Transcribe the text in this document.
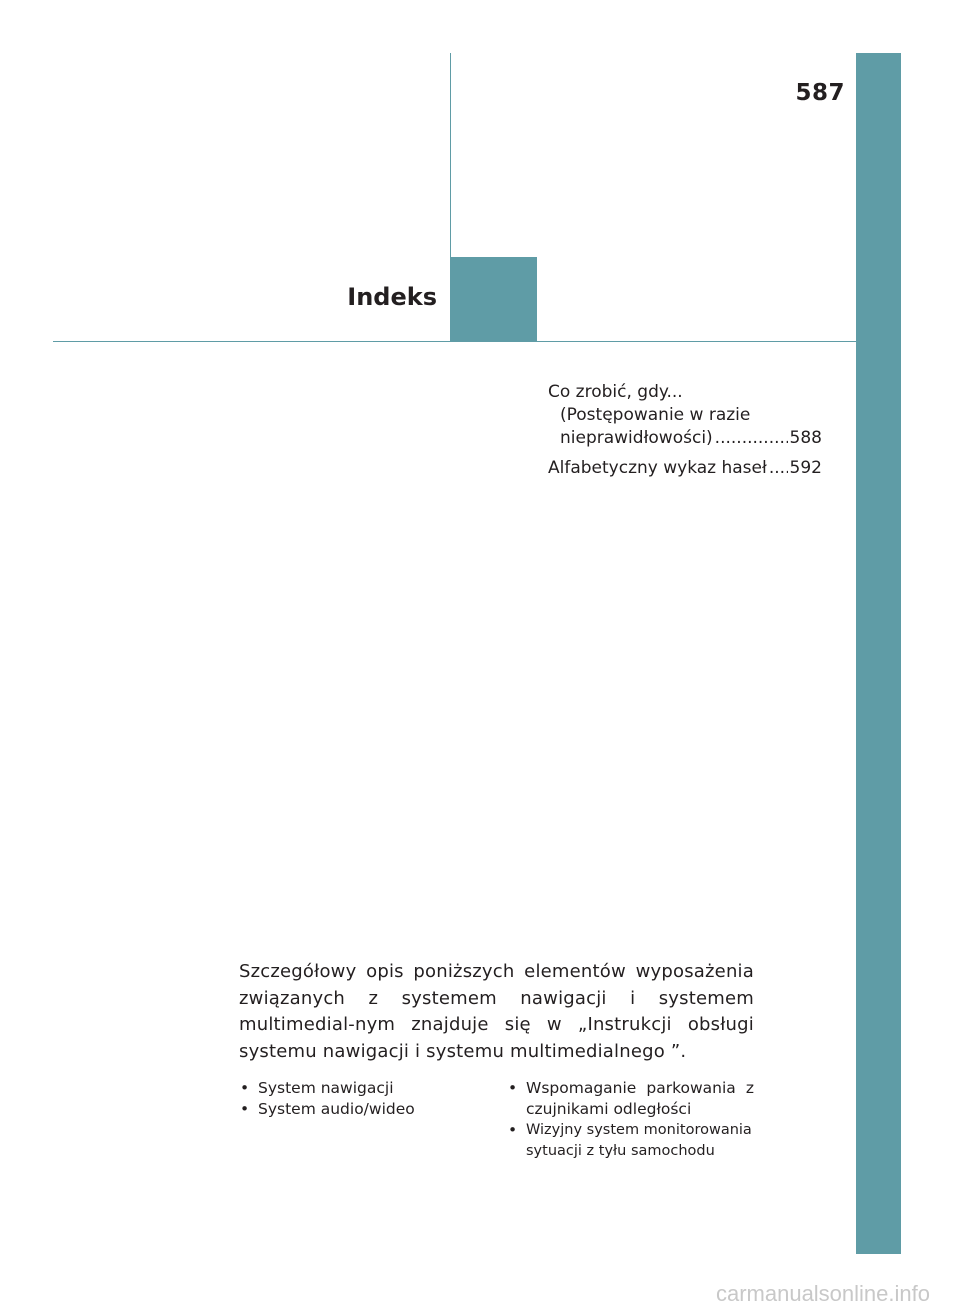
587
Indeks
Co zrobić, gdy...
(Postępowanie w razie
nieprawidłowości) .....	588
Alfabetyczny wykaz haseł ..... 592
Szczegółowy opis poniższych elementów wyposażenia związanych z systemem nawigacji i systemem multimedial-nym znajduje się w „Instrukcji obsługi systemu nawigacji i systemu multimedialnego ”.
• System nawigacji
• System audio/wideo
• Wspomaganie parkowania z czujnikami odległości
• Wizyjny system monitorowania sytuacji z tyłu samochodu
carmanualsonline.info
